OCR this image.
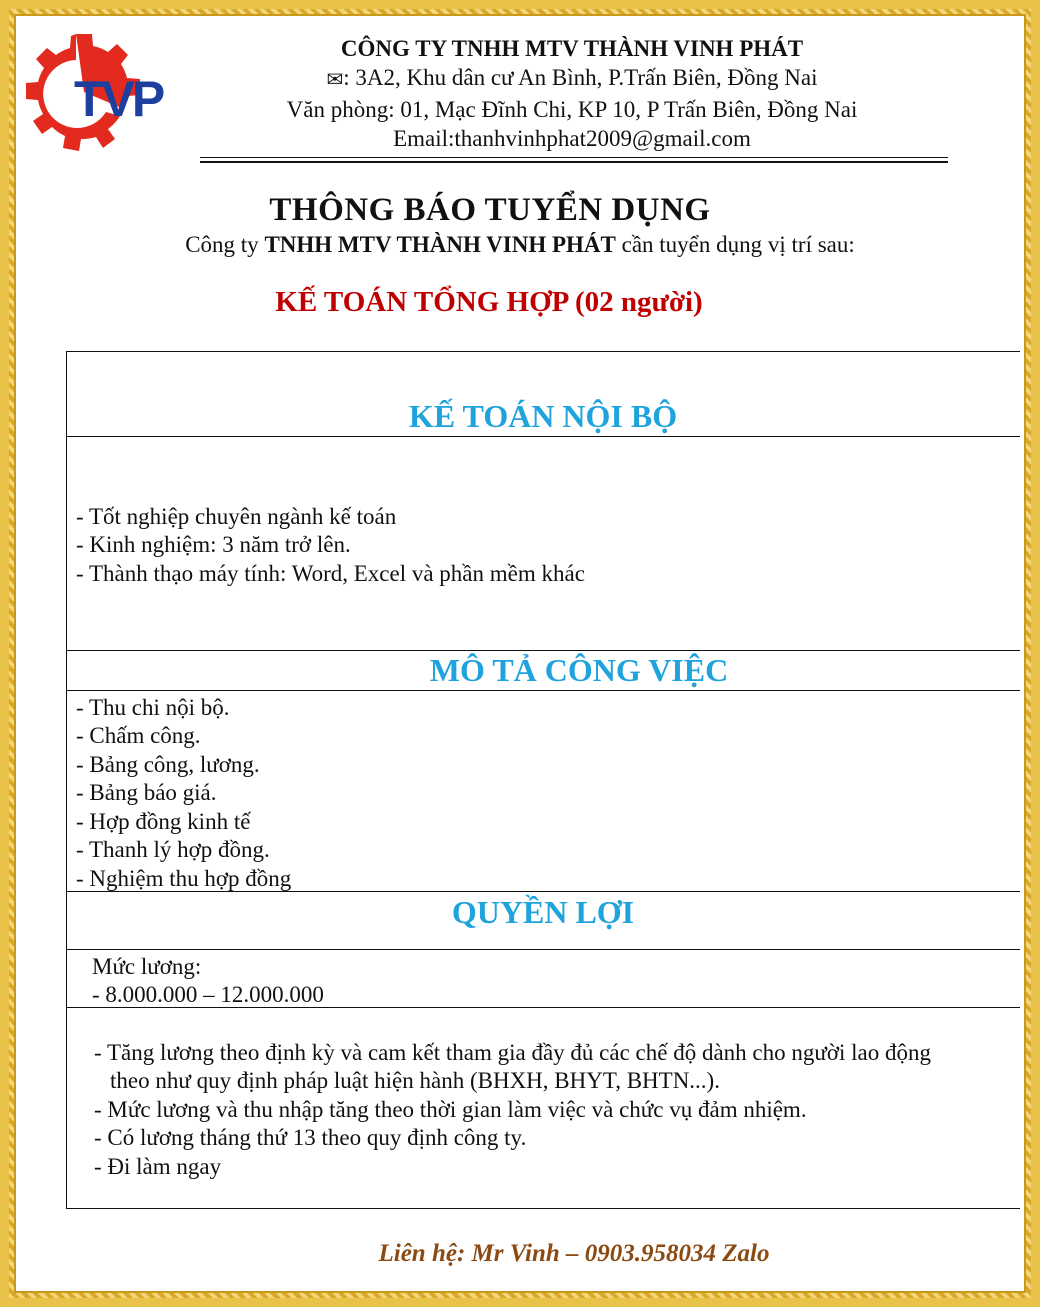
TVP
CÔNG TY TNHH MTV THÀNH VINH PHÁT
✉: 3A2, Khu dân cư An Bình, P.Trấn Biên, Đồng Nai
Văn phòng: 01, Mạc Đĩnh Chi, KP 10, P Trấn Biên, Đồng Nai
Email:thanhvinhphat2009@gmail.com
THÔNG BÁO TUYỂN DỤNG
Công ty TNHH MTV THÀNH VINH PHÁT cần tuyển dụng vị trí sau:
KẾ TOÁN TỔNG HỢP (02 người)
KẾ TOÁN NỘI BỘ
- Tốt nghiệp chuyên ngành kế toán
- Kinh nghiệm: 3 năm trở lên.
- Thành thạo máy tính: Word, Excel và phần mềm khác
MÔ TẢ CÔNG VIỆC
- Thu chi nội bộ.
- Chấm công.
- Bảng công, lương.
- Bảng báo giá.
- Hợp đồng kinh tế
- Thanh lý hợp đồng.
- Nghiệm thu hợp đồng
QUYỀN LỢI
Mức lương:
- 8.000.000 – 12.000.000
- Tăng lương theo định kỳ và cam kết tham gia đầy đủ các chế độ dành cho người lao động
theo như quy định pháp luật hiện hành (BHXH, BHYT, BHTN...).
- Mức lương và thu nhập tăng theo thời gian làm việc và chức vụ đảm nhiệm.
- Có lương tháng thứ 13 theo quy định công ty.
- Đi làm ngay
Liên hệ: Mr Vinh – 0903.958034 Zalo
